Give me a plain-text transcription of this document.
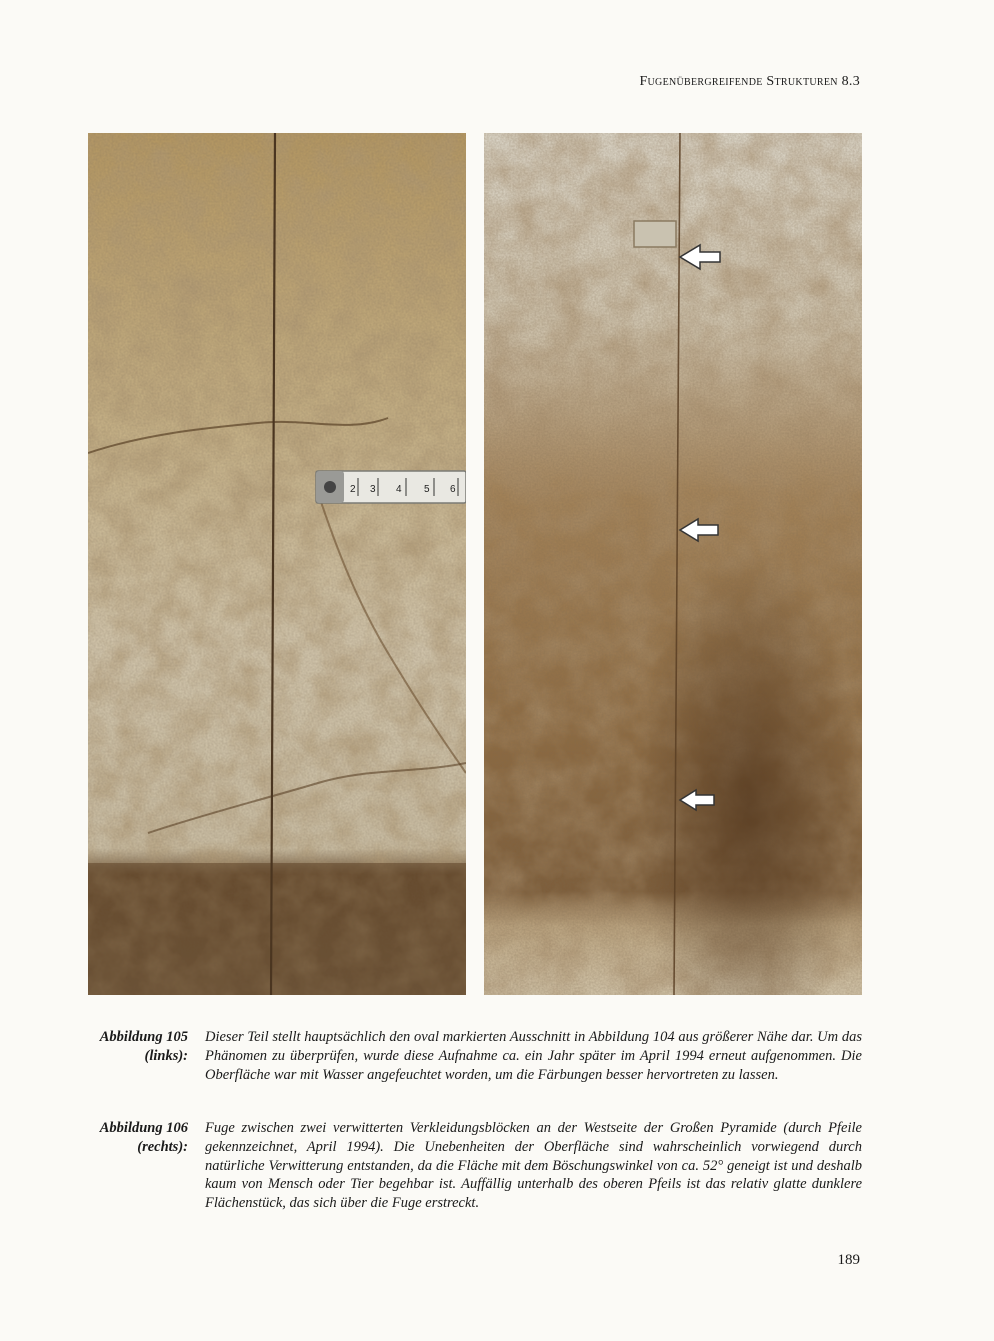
Fugenübergreifende Strukturen 8.3
2 3 4 5 6
Abbildung 105
(links):
Dieser Teil stellt hauptsächlich den oval markierten Ausschnitt in Abbildung 104 aus größerer Nähe dar. Um das Phänomen zu überprüfen, wurde diese Aufnahme ca. ein Jahr später im April 1994 erneut aufgenommen. Die Oberfläche war mit Wasser angefeuchtet worden, um die Färbungen besser hervortreten zu lassen.
Abbildung 106
(rechts):
Fuge zwischen zwei verwitterten Verkleidungsblöcken an der Westseite der Großen Pyramide (durch Pfeile gekennzeichnet, April 1994). Die Unebenheiten der Oberfläche sind wahrscheinlich vorwiegend durch natürliche Verwitterung entstanden, da die Fläche mit dem Böschungswinkel von ca. 52° geneigt ist und deshalb kaum von Mensch oder Tier begehbar ist. Auffällig unterhalb des oberen Pfeils ist das relativ glatte dunklere Flächenstück, das sich über die Fuge erstreckt.
189
